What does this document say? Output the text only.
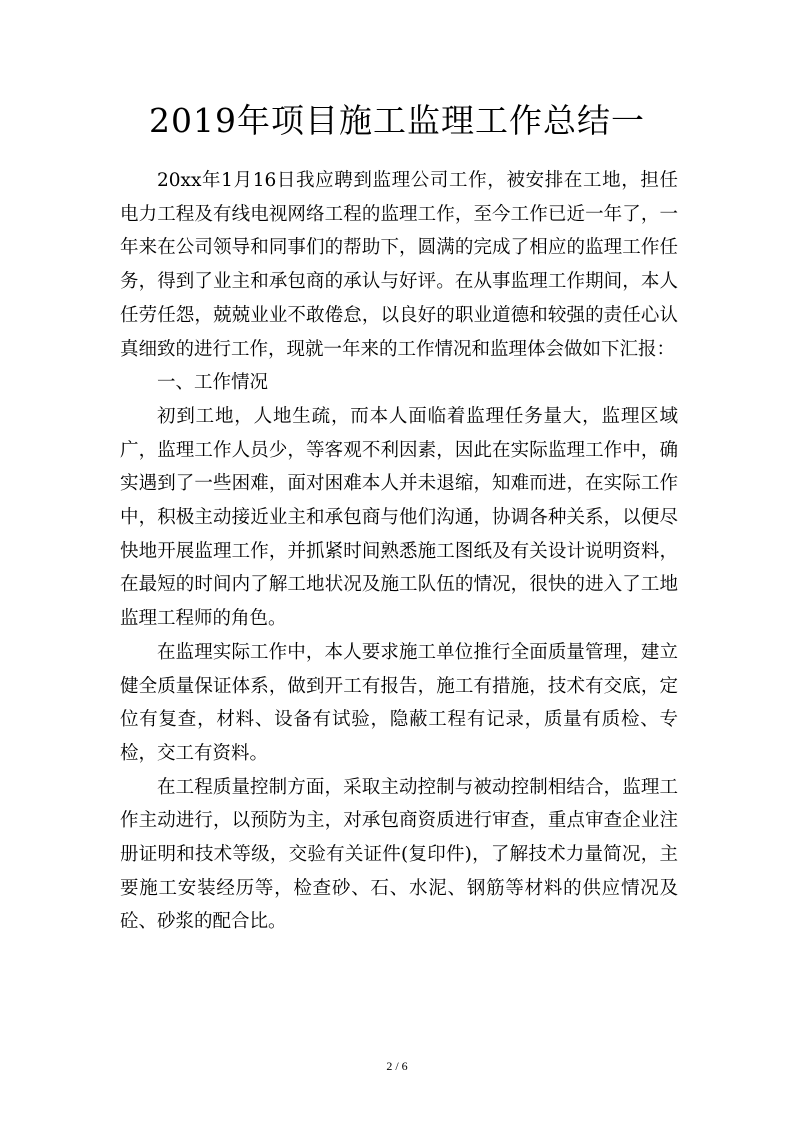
2019年项目施工监理工作总结一

20xx年1月16日我应聘到监理公司工作，被安排在工地，担任电力工程及有线电视网络工程的监理工作，至今工作已近一年了，一年来在公司领导和同事们的帮助下，圆满的完成了相应的监理工作任务，得到了业主和承包商的承认与好评。在从事监理工作期间，本人任劳任怨，兢兢业业不敢倦怠，以良好的职业道德和较强的责任心认真细致的进行工作，现就一年来的工作情况和监理体会做如下汇报：

一、工作情况

初到工地，人地生疏，而本人面临着监理任务量大，监理区域广，监理工作人员少，等客观不利因素，因此在实际监理工作中，确实遇到了一些困难，面对困难本人并未退缩，知难而进，在实际工作中，积极主动接近业主和承包商与他们沟通，协调各种关系，以便尽快地开展监理工作，并抓紧时间熟悉施工图纸及有关设计说明资料，在最短的时间内了解工地状况及施工队伍的情况，很快的进入了工地监理工程师的角色。

在监理实际工作中，本人要求施工单位推行全面质量管理，建立健全质量保证体系，做到开工有报告，施工有措施，技术有交底，定位有复查，材料、设备有试验，隐蔽工程有记录，质量有质检、专检，交工有资料。

在工程质量控制方面，采取主动控制与被动控制相结合，监理工作主动进行，以预防为主，对承包商资质进行审查，重点审查企业注册证明和技术等级，交验有关证件(复印件)，了解技术力量简况，主要施工安装经历等，检查砂、石、水泥、钢筋等材料的供应情况及砼、砂浆的配合比。

2 / 6
